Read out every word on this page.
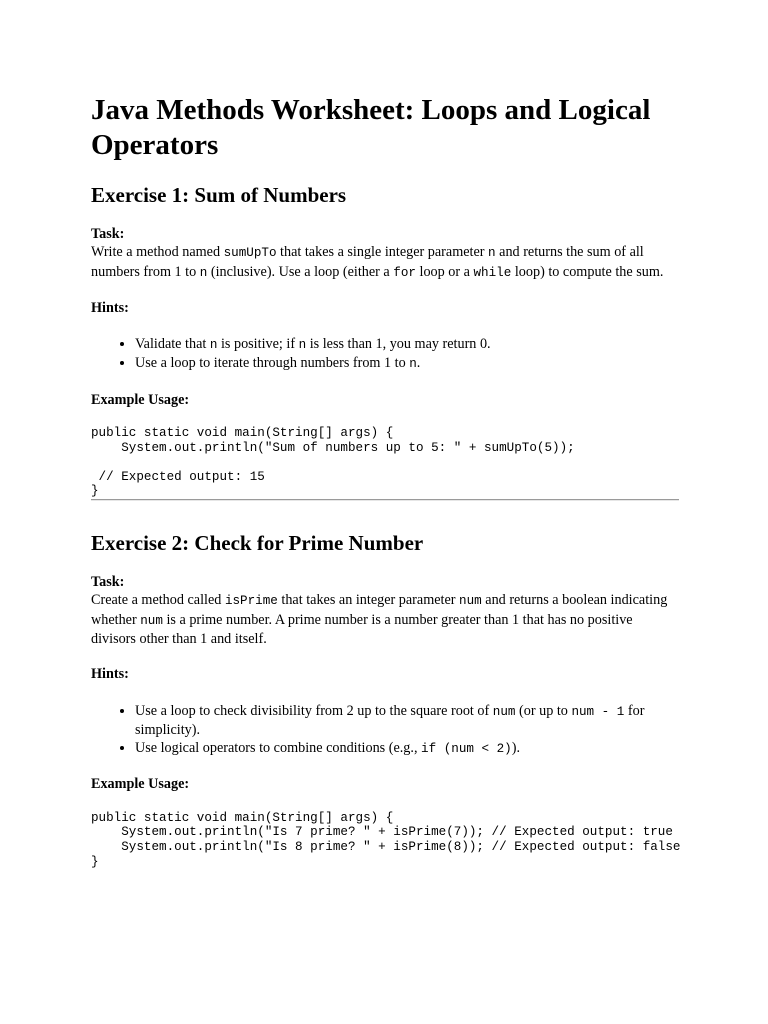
Java Methods Worksheet: Loops and Logical Operators
Exercise 1: Sum of Numbers

Task:

Write a method named sumUpTo that takes a single integer parameter n and returns the sum of all numbers from 1 to n (inclusive). Use a loop (either a for loop or a while loop) to compute the sum.

Hints:

• Validate that n is positive; if n is less than 1, you may return 0.
• Use a loop to iterate through numbers from 1 to n.

Example Usage:

public static void main(String[] args) {
System.out.println("Sum of numbers up to 5: " + sumUpTo(5));

// Expected output: 15
}
Exercise 2: Check for Prime Number

Task:

Create a method called isPrime that takes an integer parameter num and returns a boolean indicating whether num is a prime number. A prime number is a number greater than 1 that has no positive divisors other than 1 and itself.

Hints:

• Use a loop to check divisibility from 2 up to the square root of num (or up to num - 1 for simplicity).
• Use logical operators to combine conditions (e.g., if (num < 2)).

Example Usage:

public static void main(String[] args) {
System.out.println("Is 7 prime? " + isPrime(7)); // Expected output: true
System.out.println("Is 8 prime? " + isPrime(8)); // Expected output: false
}
